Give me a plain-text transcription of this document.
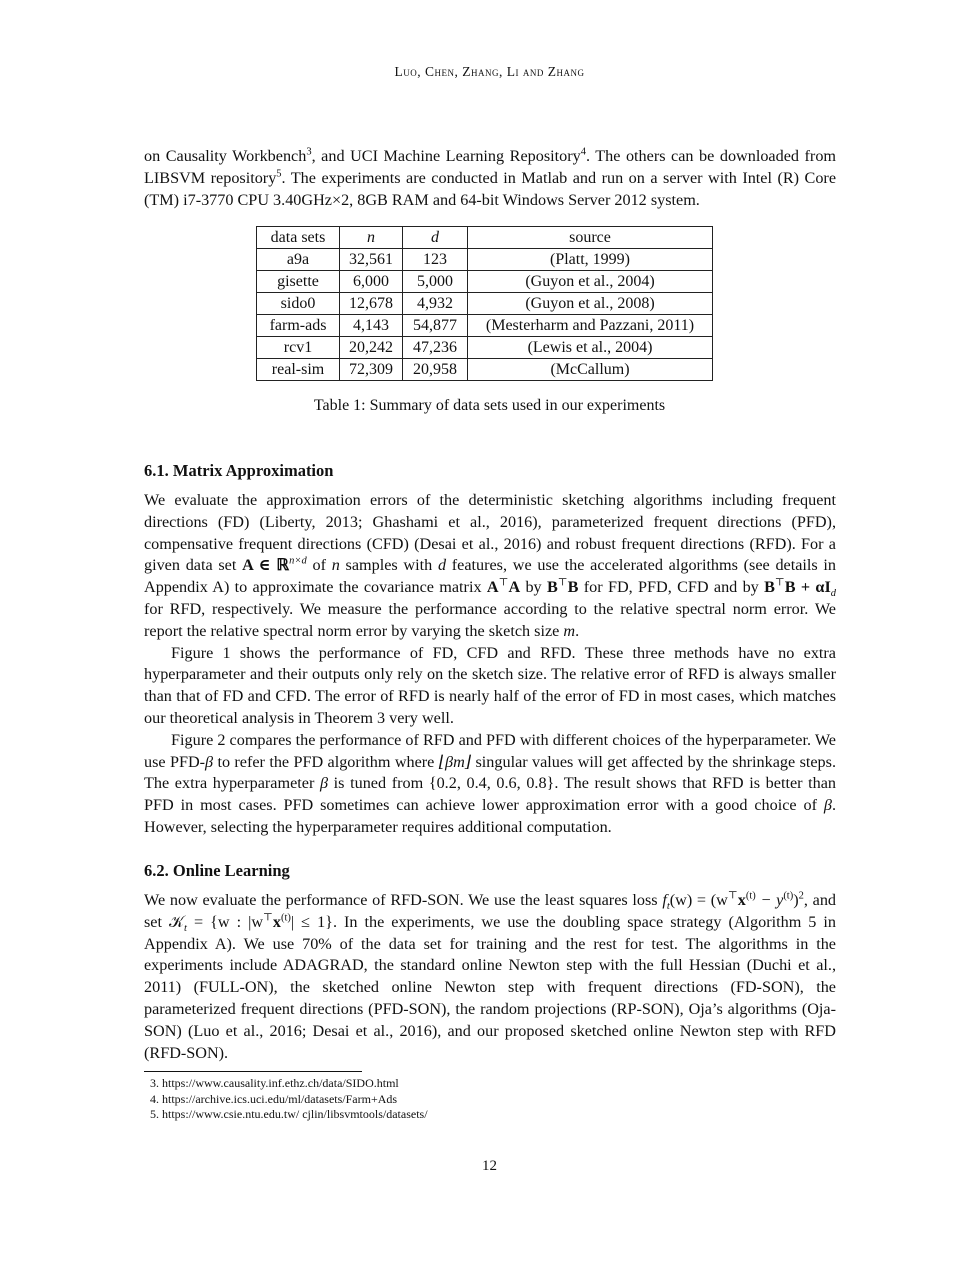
Luo, Chen, Zhang, Li and Zhang

on Causality Workbench$^3$, and UCI Machine Learning Repository$^4$. The others can be downloaded from LIBSVM repository$^5$. The experiments are conducted in Matlab and run on a server with Intel (R) Core (TM) i7-3770 CPU 3.40GHz×2, 8GB RAM and 64-bit Windows Server 2012 system.

data sets	n	d	source
a9a	32,561	123	(Platt, 1999)
gisette	6,000	5,000	(Guyon et al., 2004)
sido0	12,678	4,932	(Guyon et al., 2008)
farm-ads	4,143	54,877	(Mesterharm and Pazzani, 2011)
rcv1	20,242	47,236	(Lewis et al., 2004)
real-sim	72,309	20,958	(McCallum)
Table 1: Summary of data sets used in our experiments

6.1. Matrix Approximation

We evaluate the approximation errors of the deterministic sketching algorithms including frequent directions (FD) (Liberty, 2013; Ghashami et al., 2016), parameterized frequent directions (PFD), compensative frequent directions (CFD) (Desai et al., 2016) and robust frequent directions (RFD). For a given data set A ∈ ℝ$^{n\times d}$ of n samples with d features, we use the accelerated algorithms (see details in Appendix A) to approximate the covariance matrix A⊤A by B⊤B for FD, PFD, CFD and by $B^⊤B + \alpha I_d$ for RFD, respectively. We measure the performance according to the relative spectral norm error. We report the relative spectral norm error by varying the sketch size m.

Figure 1 shows the performance of FD, CFD and RFD. These three methods have no extra hyperparameter and their outputs only rely on the sketch size. The relative error of RFD is always smaller than that of FD and CFD. The error of RFD is nearly half of the error of FD in most cases, which matches our theoretical analysis in Theorem 3 very well.

Figure 2 compares the performance of RFD and PFD with different choices of the hyperparameter. We use PFD-β to refer the PFD algorithm where ⌊βm⌋ singular values will get affected by the shrinkage steps. The extra hyperparameter β is tuned from {0.2, 0.4, 0.6, 0.8}. The result shows that RFD is better than PFD in most cases. PFD sometimes can achieve lower approximation error with a good choice of β. However, selecting the hyperparameter requires additional computation.

6.2. Online Learning

We now evaluate the performance of RFD-SON. We use the least squares loss $f_t(w) = (w^⊤x^{(t)} - y^{(t)})^2$, and set 𝒦$_t$ = {w : $|w^⊤x^{(t)}| \le 1$}. In the experiments, we use the doubling space strategy (Algorithm 5 in Appendix A). We use 70% of the data set for training and the rest for test. The algorithms in the experiments include ADAGRAD, the standard online Newton step with the full Hessian (Duchi et al., 2011) (FULL-ON), the sketched online Newton step with frequent directions (FD-SON), the parameterized frequent directions (PFD-SON), the random projections (RP-SON), Oja’s algorithms (Oja-SON) (Luo et al., 2016; Desai et al., 2016), and our proposed sketched online Newton step with RFD (RFD-SON).

3. https://www.causality.inf.ethz.ch/data/SIDO.html
4. https://archive.ics.uci.edu/ml/datasets/Farm+Ads
5. https://www.csie.ntu.edu.tw/ cjlin/libsvmtools/datasets/
12
